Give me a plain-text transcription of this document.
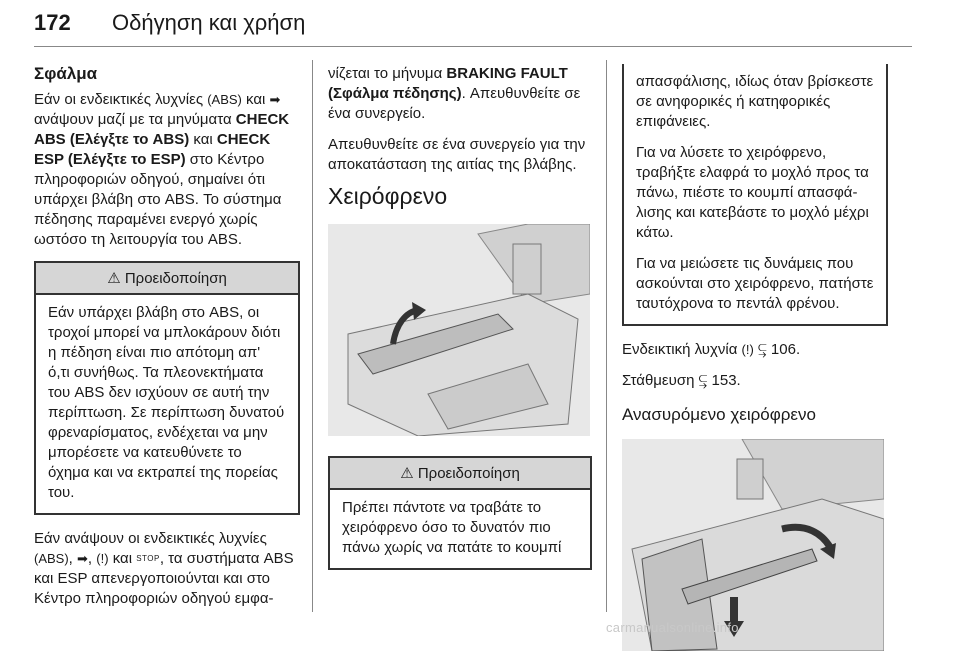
172 Οδήγηση και χρήση
Σφάλμα

Εάν οι ενδεικτικές λυχνίες (ABS) και ➡ ανάψουν μαζί με τα μηνύματα CHECK ABS (Ελέγξτε το ABS) και CHECK ESP (Ελέγξτε το ESP) στο Κέντρο πληροφοριών οδηγού, σημαίνει ότι υπάρχει βλάβη στο ABS. Το σύστημα πέδησης παραμένει ενεργό χωρίς ωστόσο τη λειτουργία του ABS.

⚠ Προειδοποίηση
Εάν υπάρχει βλάβη στο ABS, οι τροχοί μπορεί να μπλοκάρουν διότι η πέδηση είναι πιο απότομη απ' ό,τι συνήθως. Τα πλεονεκτήματα του ABS δεν ισχύουν σε αυτή την περίπτωση. Σε περίπτωση δυνατού φρεναρίσματος, ενδέχεται να μην μπορέσετε να κατευθύνετε το όχημα και να εκτραπεί της πορείας του.

Εάν ανάψουν οι ενδεικτικές λυχνίες (ABS), ➡, (!) και STOP, τα συστήματα ABS και ESP απενεργοποιούνται και στο Κέντρο πληροφοριών οδηγού εμφα-

νίζεται το μήνυμα BRAKING FAULT (Σφάλμα πέδησης). Απευθυνθείτε σε ένα συνεργείο.

Απευθυνθείτε σε ένα συνεργείο για την αποκατάσταση της αιτίας της βλάβης.

Χειρόφρενο
⚠ Προειδοποίηση
Πρέπει πάντοτε να τραβάτε το χειρόφρενο όσο το δυνατόν πιο πάνω χωρίς να πατάτε το κουμπί

απασφάλισης, ιδίως όταν βρίσκεστε σε ανηφορικές ή κατηφορικές επιφάνειες.

Για να λύσετε το χειρόφρενο, τραβήξτε ελαφρά το μοχλό προς τα πάνω, πιέστε το κουμπί απασφάλισης και κατεβάστε το μοχλό μέχρι κάτω.

Για να μειώσετε τις δυνάμεις που ασκούνται στο χειρόφρενο, πατήστε ταυτόχρονα το πεντάλ φρένου.

Ενδεικτική λυχνία (!) ⥹ 106.

Στάθμευση ⥹ 153.

Ανασυρόμενο χειρόφρενο
carmanualsonline.info
